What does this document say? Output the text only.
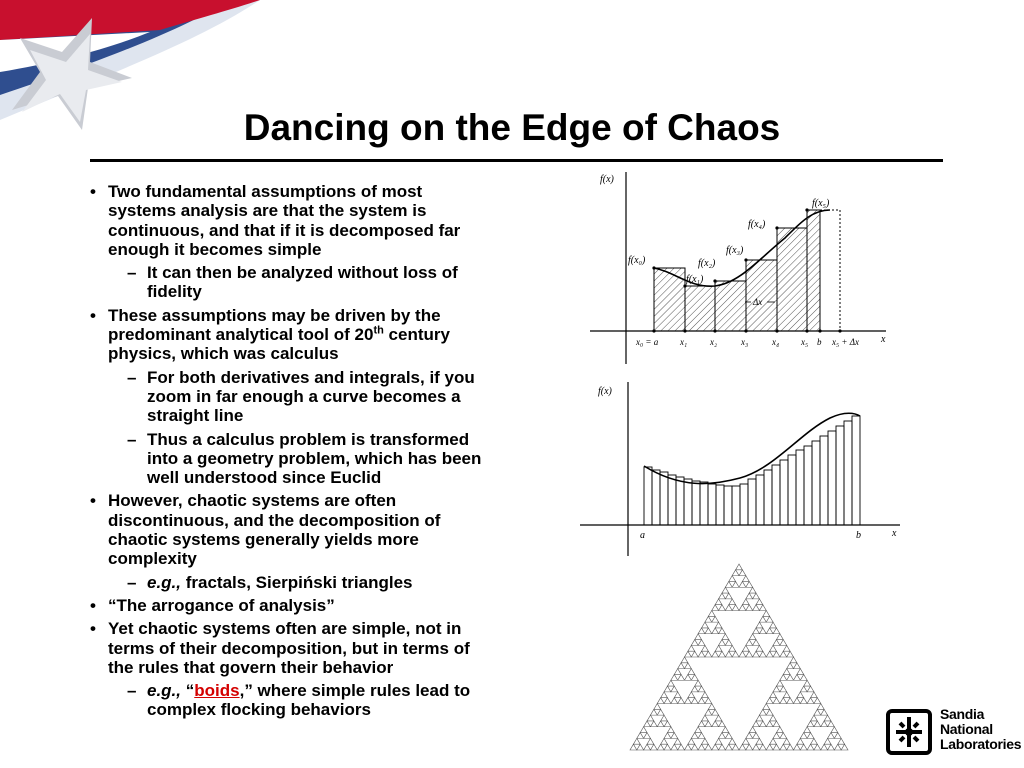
Dancing on the Edge of Chaos
• Two fundamental assumptions of most systems analysis are that the system is continuous, and that if it is decomposed far enough it becomes simple
– It can then be analyzed without loss of fidelity
• These assumptions may be driven by the predominant analytical tool of 20th century physics, which was calculus
– For both derivatives and integrals, if you zoom in far enough a curve becomes a straight line
– Thus a calculus problem is transformed into a geometry problem, which has been well understood since Euclid
• However, chaotic systems are often discontinuous, and the decomposition of chaotic systems generally yields more complexity
– e.g., fractals, Sierpiński triangles
• “The arrogance of analysis”
• Yet chaotic systems often are simple, not in terms of their decomposition, but in terms of the rules that govern their behavior
– e.g., “boids,” where simple rules lead to complex flocking behaviors
f(x)
x
f(x₀)
f(x₁)
f(x₂)
f(x₃)
f(x₄)
f(x₅)
Δx
x₀ = a x₁	x₂	x₃	x₄ x₅ b x₅ + Δx
f(x)
x
a	b
Sandia
National
Laboratories
